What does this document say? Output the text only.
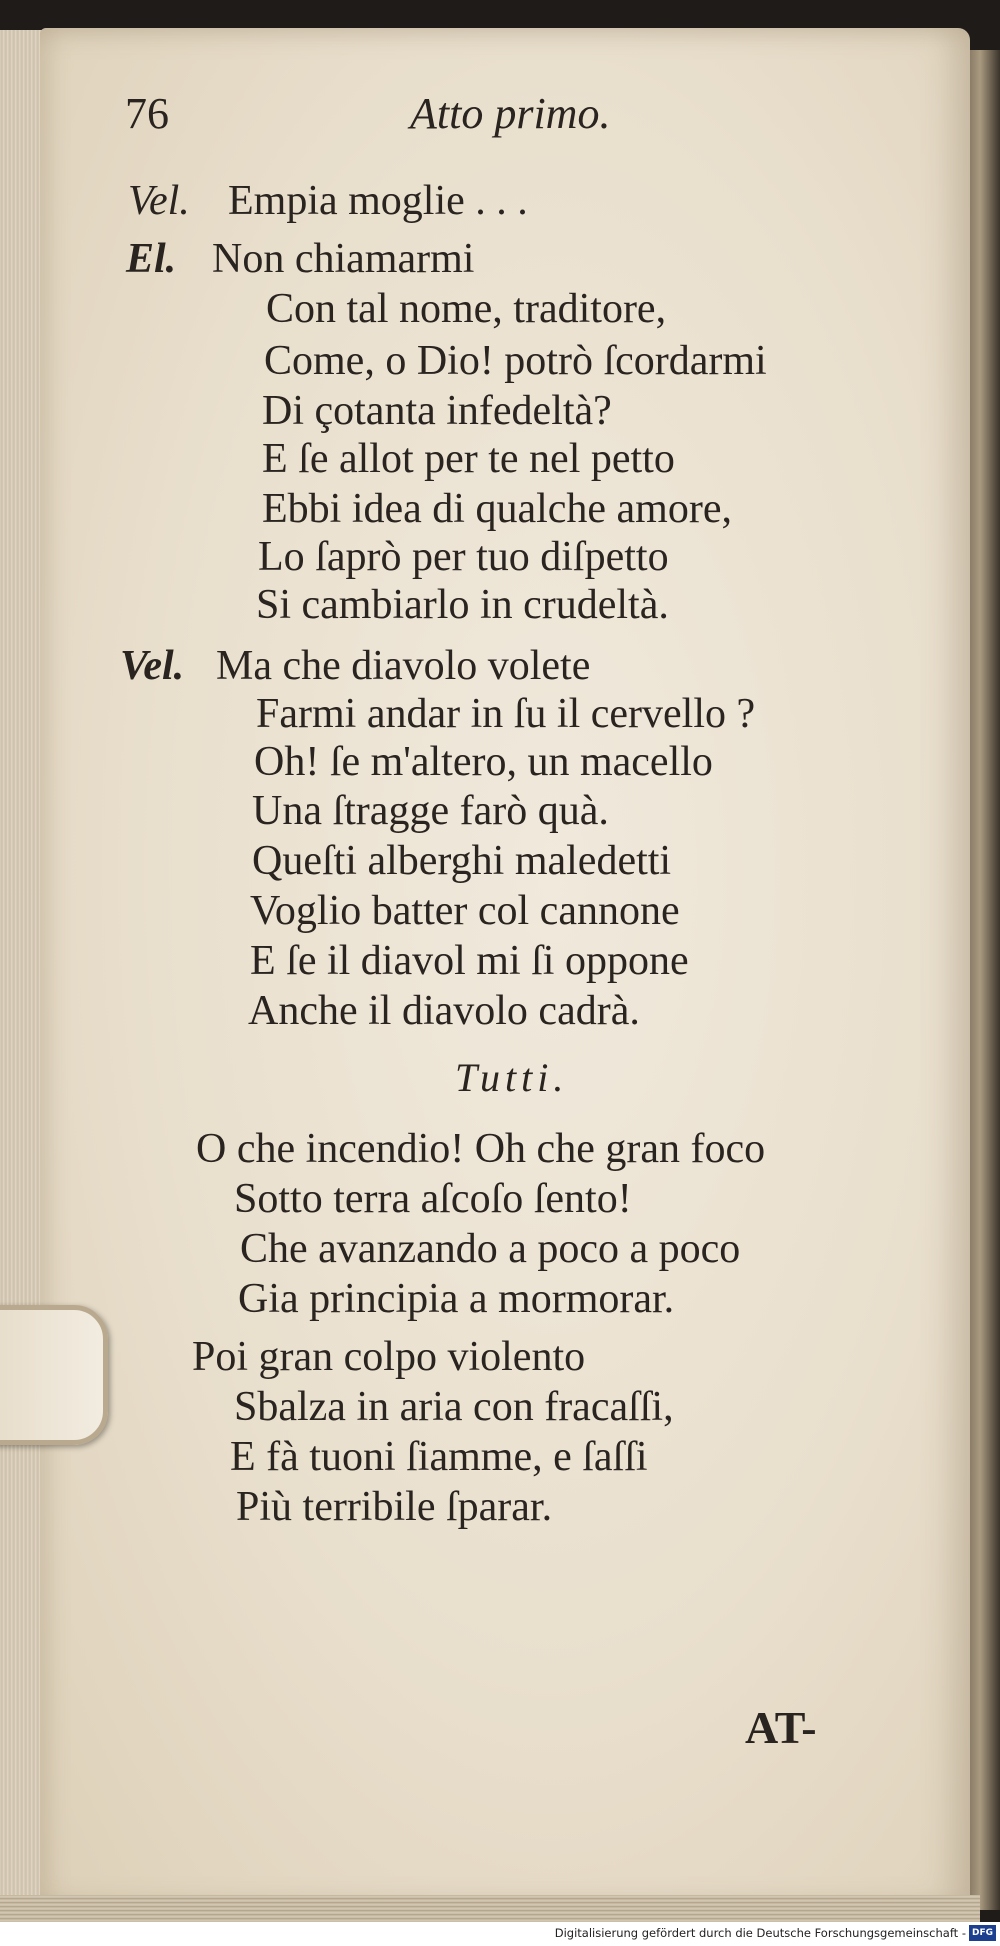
76	Atto primo.
Vel. Empia moglie . . .
El. Non chiamarmi
Con tal nome, traditore,
Come, o Dio! potrò ſcordarmi
Di çotanta infedeltà?
E ſe allot per te nel petto
Ebbi idea di qualche amore,
Lo ſaprò per tuo diſpetto
Si cambiarlo in crudeltà.
Vel. Ma che diavolo volete
Farmi andar in ſu il cervello ?
Oh! ſe m'altero, un macello
Una ſtragge farò quà.
Queſti alberghi maledetti
Voglio batter col cannone
E ſe il diavol mi ſi oppone
Anche il diavolo cadrà.
Tutti.
O che incendio! Oh che gran foco
Sotto terra aſcoſo ſento!
Che avanzando a poco a poco
Gia principia a mormorar.
Poi gran colpo violento
Sbalza in aria con fracaſſi,
E fà tuoni ſiamme, e ſaſſi
Più terribile ſparar.
AT-
Digitalisierung gefördert durch die Deutsche Forschungsgemeinschaft - DFG
